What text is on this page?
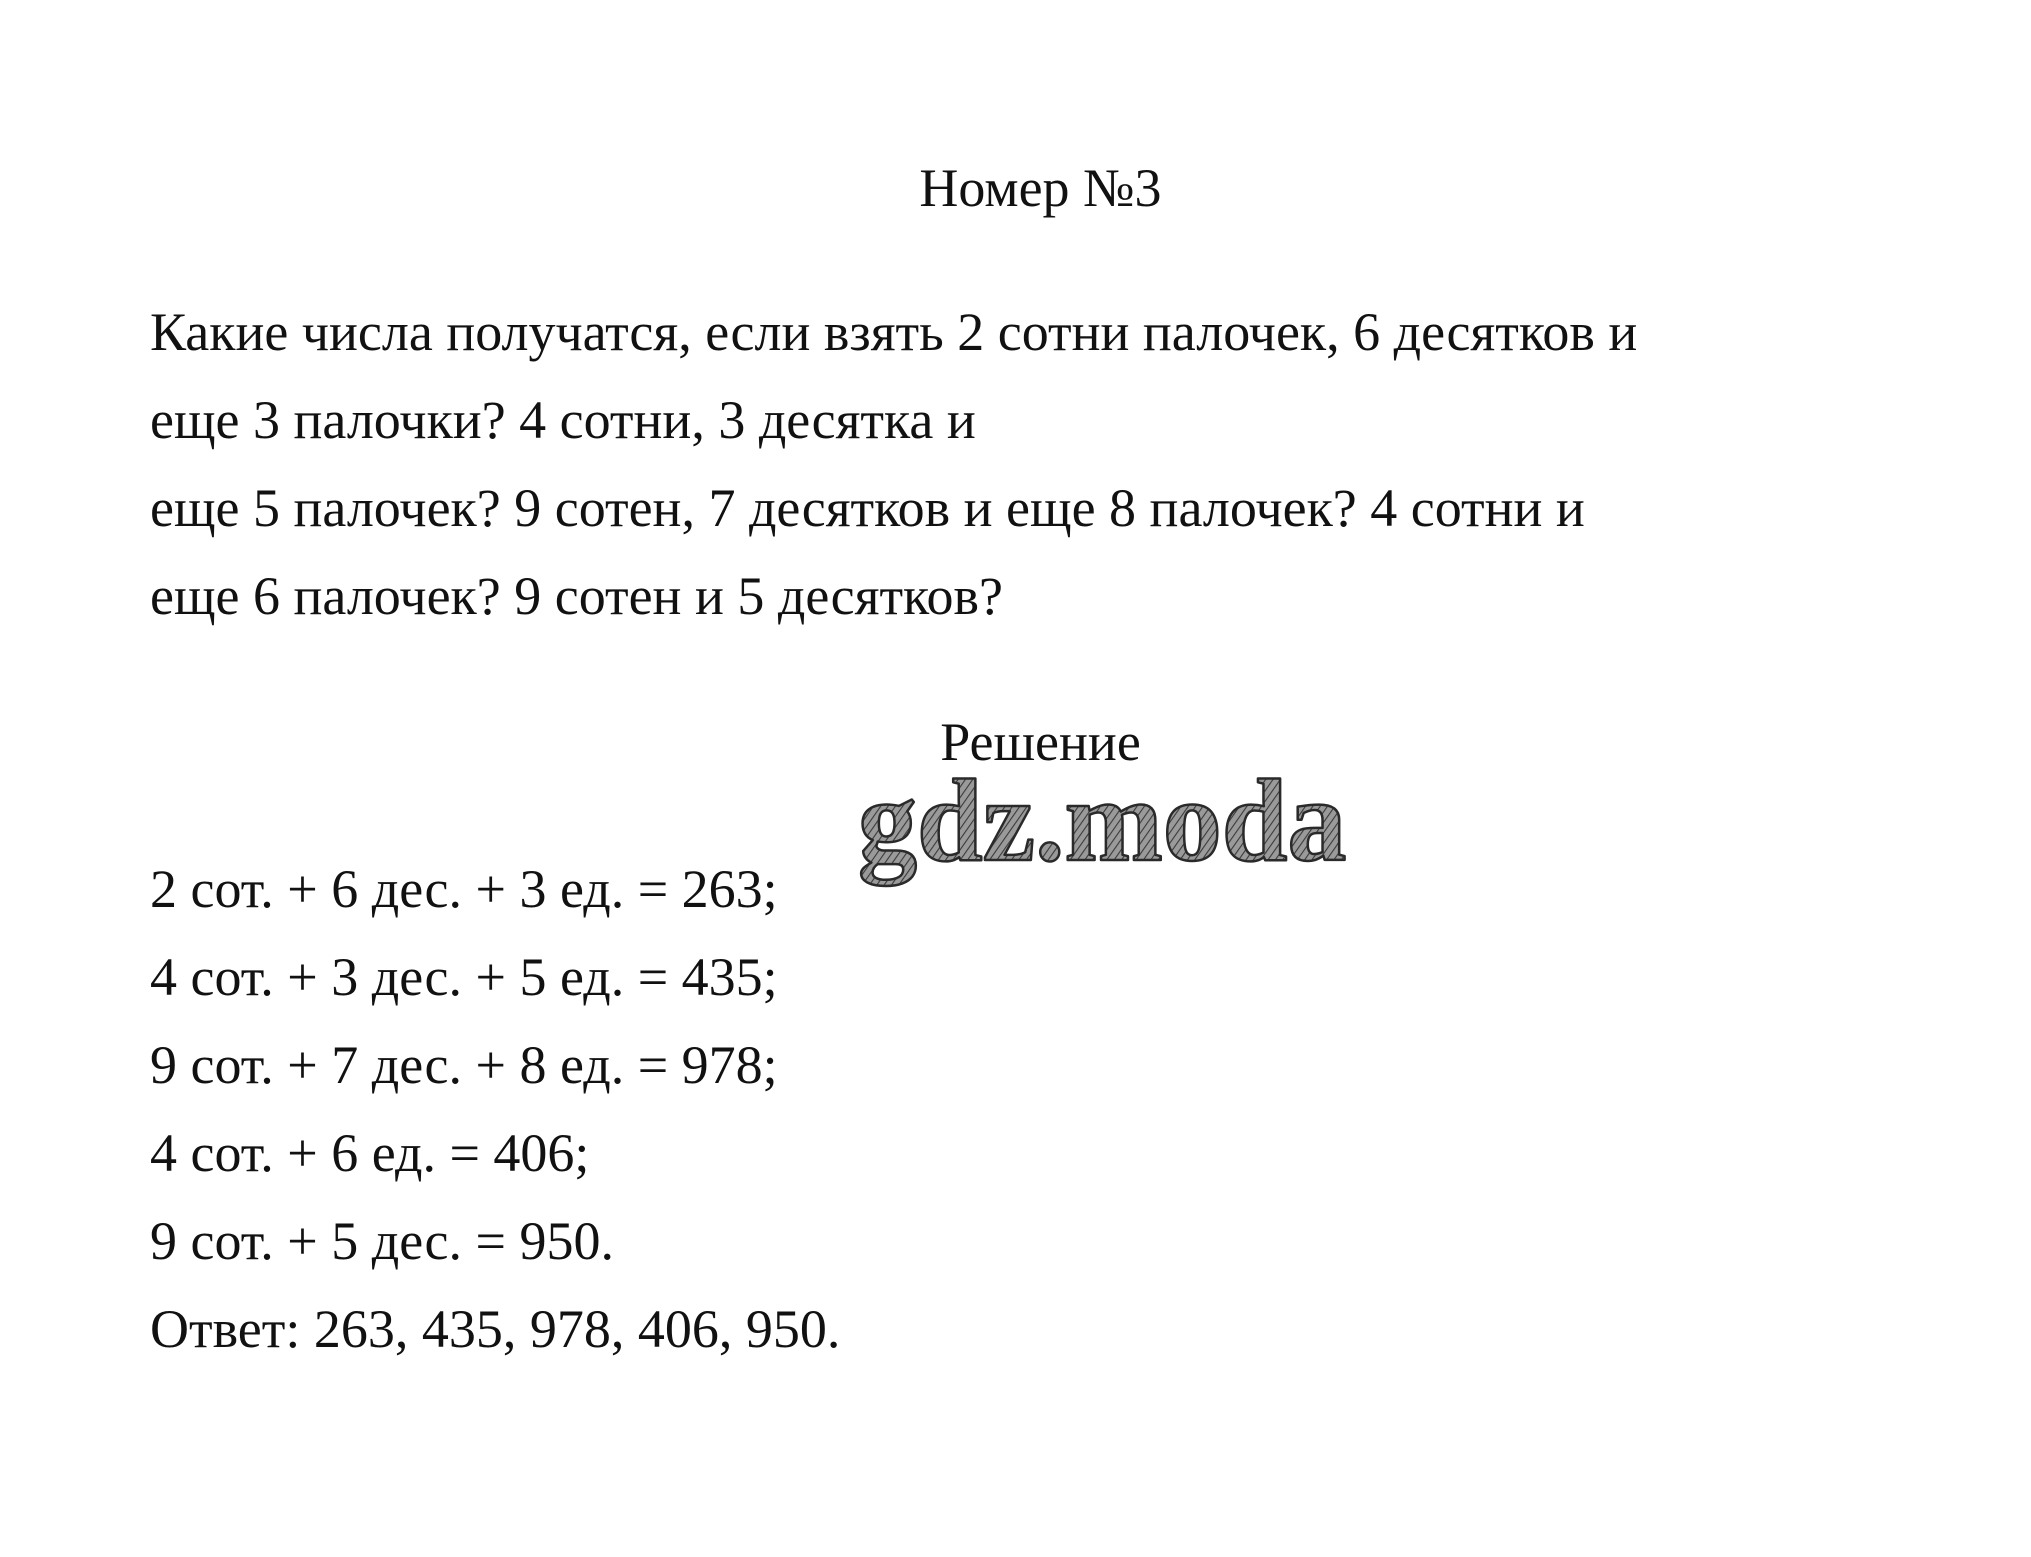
Номер №3
Какие числа получатся, если взять 2 сотни палочек, 6 десятков и
еще 3 палочки? 4 сотни, 3 десятка и
еще 5 палочек? 9 сотен, 7 десятков и еще 8 палочек? 4 сотни и
еще 6 палочек? 9 сотен и 5 десятков?
Решение
2 сот. + 6 дес. + 3 ед. = 263;
4 сот. + 3 дес. + 5 ед. = 435;
9 сот. + 7 дес. + 8 ед. = 978;
4 сот. + 6 ед. = 406;
9 сот. + 5 дес. = 950.
Ответ: 263, 435, 978, 406, 950.
gdz.moda
